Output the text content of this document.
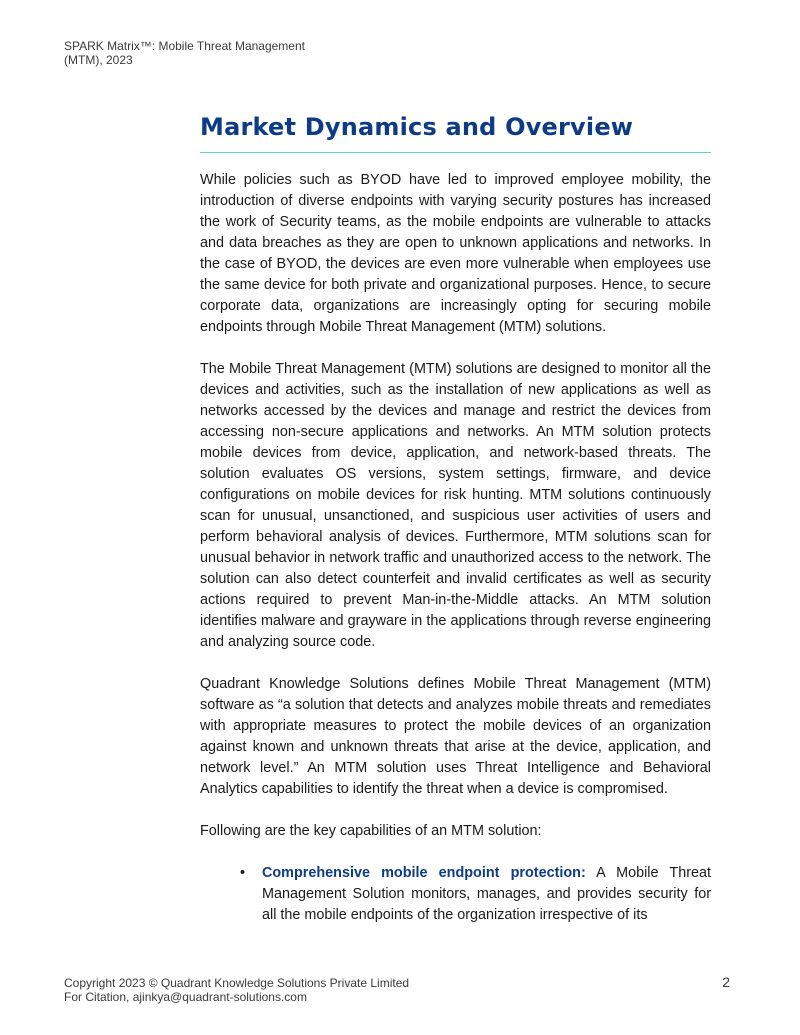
SPARK Matrix™: Mobile Threat Management
(MTM), 2023
Market Dynamics and Overview

While policies such as BYOD have led to improved employee mobility, the introduction of diverse endpoints with varying security postures has increased the work of Security teams, as the mobile endpoints are vulnerable to attacks and data breaches as they are open to unknown applications and networks. In the case of BYOD, the devices are even more vulnerable when employees use the same device for both private and organizational purposes. Hence, to secure corporate data, organizations are increasingly opting for securing mobile endpoints through Mobile Threat Management (MTM) solutions.

The Mobile Threat Management (MTM) solutions are designed to monitor all the devices and activities, such as the installation of new applications as well as networks accessed by the devices and manage and restrict the devices from accessing non-secure applications and networks. An MTM solution protects mobile devices from device, application, and network-based threats. The solution evaluates OS versions, system settings, firmware, and device configurations on mobile devices for risk hunting. MTM solutions continuously scan for unusual, unsanctioned, and suspicious user activities of users and perform behavioral analysis of devices. Furthermore, MTM solutions scan for unusual behavior in network traffic and unauthorized access to the network. The solution can also detect counterfeit and invalid certificates as well as security actions required to prevent Man-in-the-Middle attacks. An MTM solution identifies malware and grayware in the applications through reverse engineering and analyzing source code.

Quadrant Knowledge Solutions defines Mobile Threat Management (MTM) software as “a solution that detects and analyzes mobile threats and remediates with appropriate measures to protect the mobile devices of an organization against known and unknown threats that arise at the device, application, and network level.” An MTM solution uses Threat Intelligence and Behavioral Analytics capabilities to identify the threat when a device is compromised.

Following are the key capabilities of an MTM solution:

• Comprehensive mobile endpoint protection: A Mobile Threat Management Solution monitors, manages, and provides security for all the mobile endpoints of the organization irrespective of its
Copyright 2023 © Quadrant Knowledge Solutions Private Limited
For Citation, ajinkya@quadrant-solutions.com
2
